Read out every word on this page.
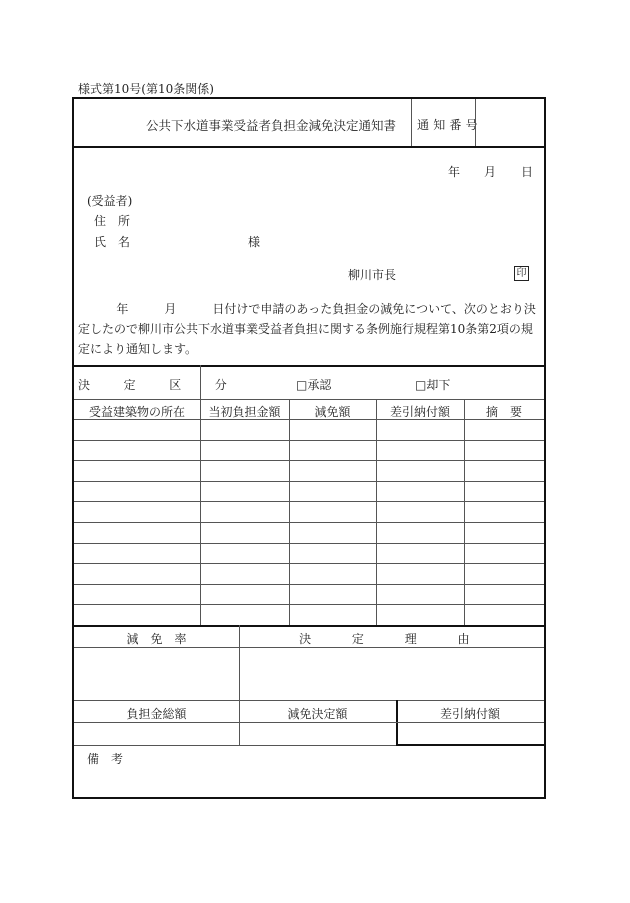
様式第10号(第10条関係)
公共下水道事業受益者負担金減免決定通知書 通知番号
年 月 日
(受益者)
住　所
氏　名	様
柳川市長	印
年	月	日付けで申請のあった負担金の減免について、次のとおり決定したので柳川市公共下水道事業受益者負担に関する条例施行規程第10条第2項の規定により通知します。
決　定　区　分	□承認	□却下
受益建築物の所在	当初負担金額	減免額	差引納付額	摘　要
減　免　率	決　定　理　由
負担金総額	減免決定額	差引納付額
備　考
